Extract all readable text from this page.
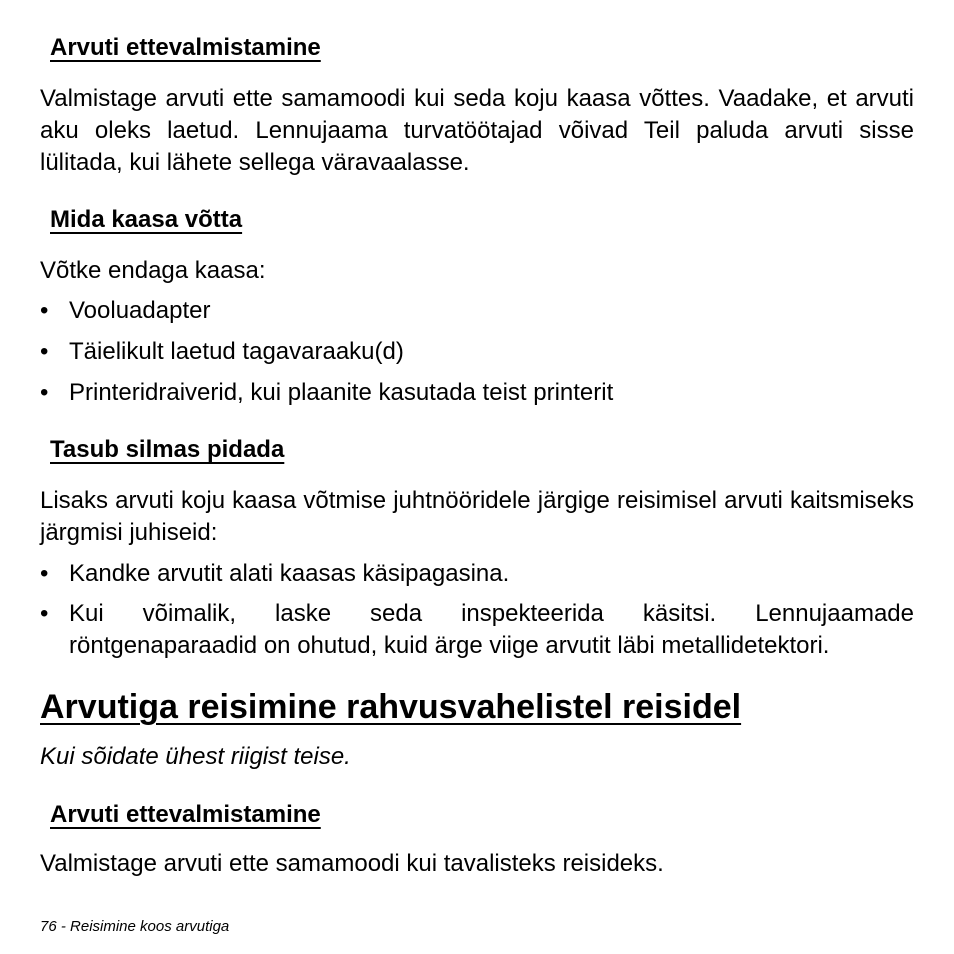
Arvuti ettevalmistamine
Valmistage arvuti ette samamoodi kui seda koju kaasa võttes. Vaadake, et arvuti aku oleks laetud. Lennujaama turvatöötajad võivad Teil paluda arvuti sisse lülitada, kui lähete sellega väravaalasse.
Mida kaasa võtta
Võtke endaga kaasa:
• Vooluadapter
• Täielikult laetud tagavaraaku(d)
• Printeridraiverid, kui plaanite kasutada teist printerit
Tasub silmas pidada
Lisaks arvuti koju kaasa võtmise juhtnööridele järgige reisimisel arvuti kaitsmiseks järgmisi juhiseid:
• Kandke arvutit alati kaasas käsipagasina.
• Kui võimalik, laske seda inspekteerida käsitsi. Lennujaamade röntgenaparaadid on ohutud, kuid ärge viige arvutit läbi metallidetektori.
Arvutiga reisimine rahvusvahelistel reisidel
Kui sõidate ühest riigist teise.
Arvuti ettevalmistamine
Valmistage arvuti ette samamoodi kui tavalisteks reisideks.
76 - Reisimine koos arvutiga
